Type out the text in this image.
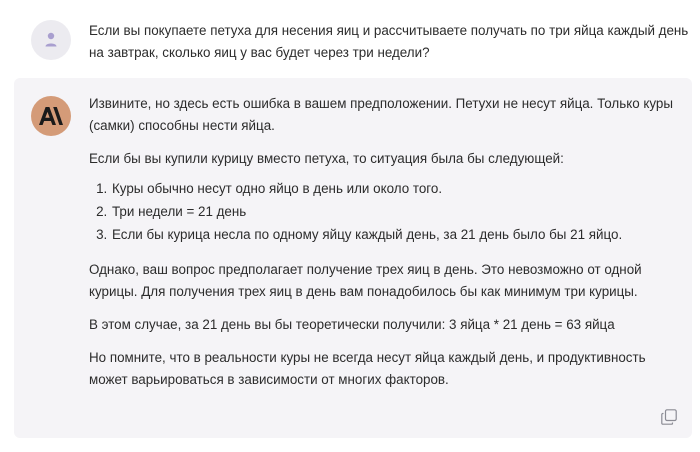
Если вы покупаете петуха для несения яиц и рассчитываете получать по три яйца каждый день на завтрак, сколько яиц у вас будет через три недели?

Извините, но здесь есть ошибка в вашем предположении. Петухи не несут яйца. Только куры (самки) способны нести яйца.

Если бы вы купили курицу вместо петуха, то ситуация была бы следующей:

1. Куры обычно несут одно яйцо в день или около того.
2. Три недели = 21 день
3. Если бы курица несла по одному яйцу каждый день, за 21 день было бы 21 яйцо.

Однако, ваш вопрос предполагает получение трех яиц в день. Это невозможно от одной курицы. Для получения трех яиц в день вам понадобилось бы как минимум три курицы.

В этом случае, за 21 день вы бы теоретически получили: 3 яйца * 21 день = 63 яйца

Но помните, что в реальности куры не всегда несут яйца каждый день, и продуктивность может варьироваться в зависимости от многих факторов.
